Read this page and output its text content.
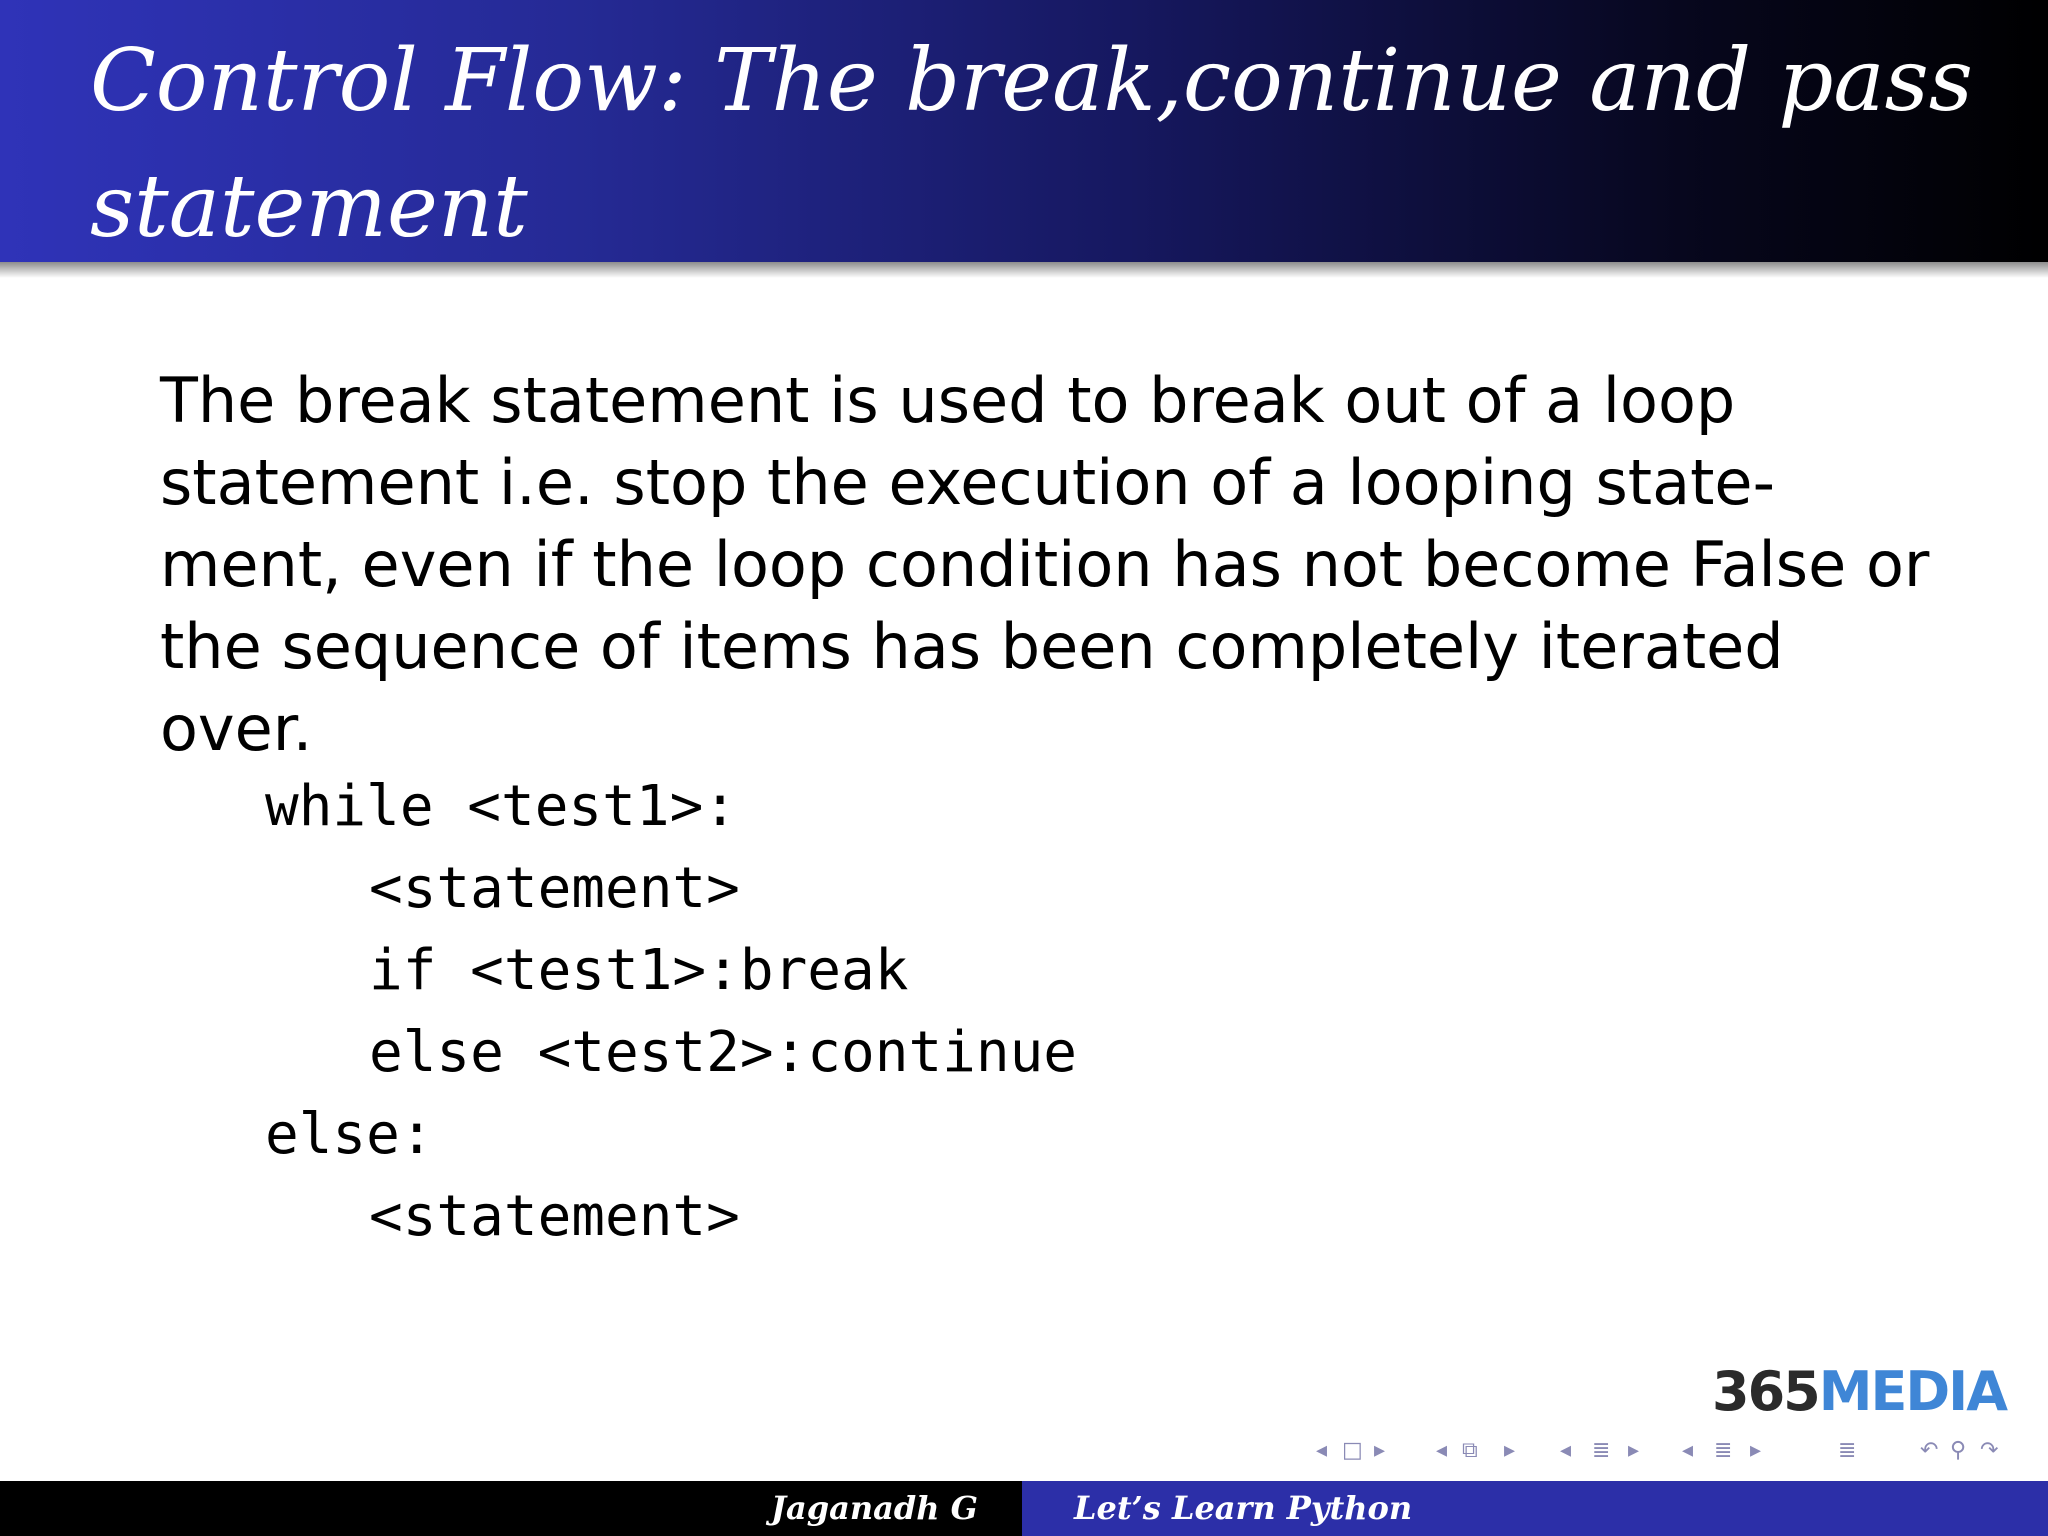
Control Flow: The break,continue and pass statement

The break statement is used to break out of a loop statement i.e. stop the execution of a looping state-ment, even if the loop condition has not become False or the sequence of items has been completely iterated over.

while <test1>:
<statement>
if <test1>:break
else <test2>:continue
else:
<statement>
365MEDIA
◂ □ ▸ ◂ ⧉ ▸ ◂ ≣ ▸ ◂ ≣ ▸	≣	↶ ⚲ ↷
Jaganadh G	Let’s Learn Python
